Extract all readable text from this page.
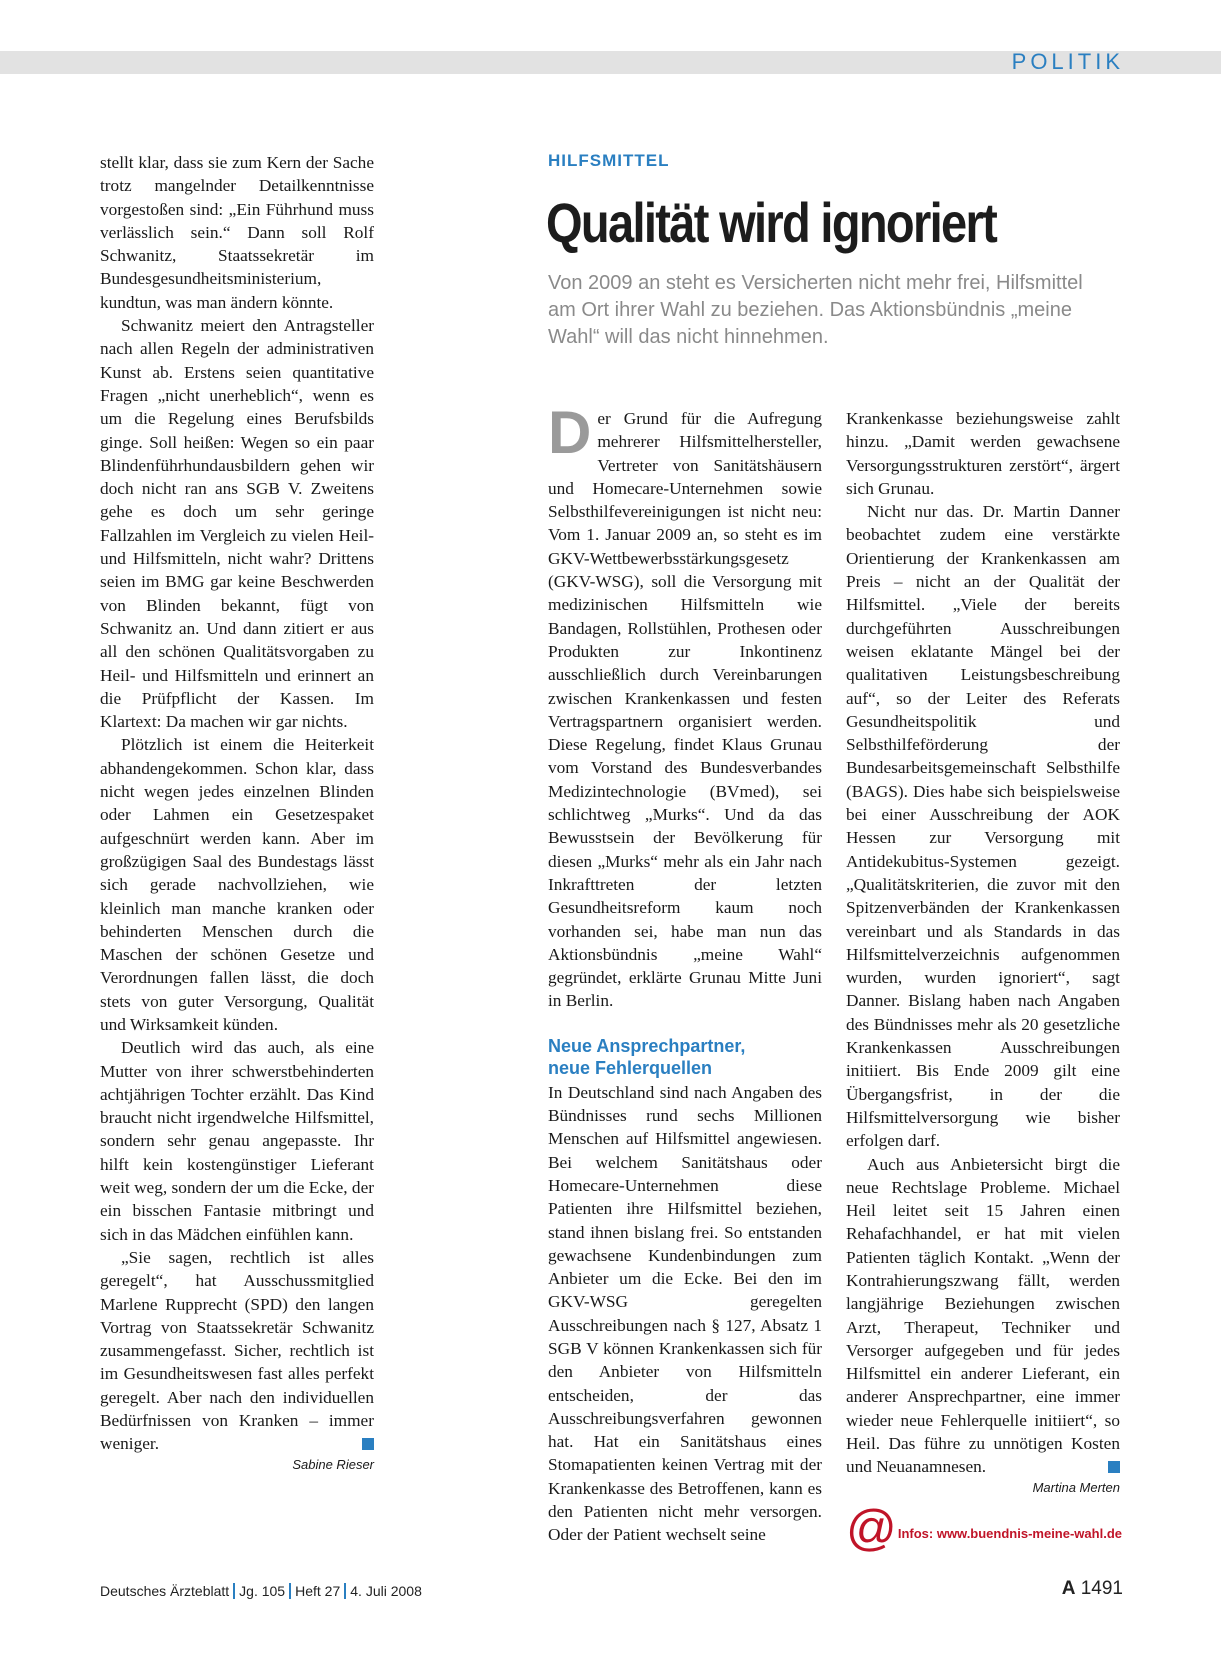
POLITIK

stellt klar, dass sie zum Kern der Sache trotz mangelnder Detailkenntnisse vorgestoßen sind: „Ein Führhund muss verlässlich sein.“ Dann soll Rolf Schwanitz, Staatssekretär im Bundesgesundheitsministerium, kundtun, was man ändern könnte.

Schwanitz meiert den Antragsteller nach allen Regeln der administrativen Kunst ab. Erstens seien quantitative Fragen „nicht unerheblich“, wenn es um die Regelung eines Berufsbilds ginge. Soll heißen: Wegen so ein paar Blindenführhundausbildern gehen wir doch nicht ran ans SGB V. Zweitens gehe es doch um sehr geringe Fallzahlen im Vergleich zu vielen Heil- und Hilfsmitteln, nicht wahr? Drittens seien im BMG gar keine Beschwerden von Blinden bekannt, fügt von Schwanitz an. Und dann zitiert er aus all den schönen Qualitätsvorgaben zu Heil- und Hilfsmitteln und erinnert an die Prüfpflicht der Kassen. Im Klartext: Da machen wir gar nichts.

Plötzlich ist einem die Heiterkeit abhandengekommen. Schon klar, dass nicht wegen jedes einzelnen Blinden oder Lahmen ein Gesetzespaket aufgeschnürt werden kann. Aber im großzügigen Saal des Bundestags lässt sich gerade nachvollziehen, wie kleinlich man manche kranken oder behinderten Menschen durch die Maschen der schönen Gesetze und Verordnungen fallen lässt, die doch stets von guter Versorgung, Qualität und Wirksamkeit künden.

Deutlich wird das auch, als eine Mutter von ihrer schwerstbehinderten achtjährigen Tochter erzählt. Das Kind braucht nicht irgendwelche Hilfsmittel, sondern sehr genau angepasste. Ihr hilft kein kostengünstiger Lieferant weit weg, sondern der um die Ecke, der ein bisschen Fantasie mitbringt und sich in das Mädchen einfühlen kann.

„Sie sagen, rechtlich ist alles geregelt“, hat Ausschussmitglied Marlene Rupprecht (SPD) den langen Vortrag von Staatssekretär Schwanitz zusammengefasst. Sicher, rechtlich ist im Gesundheitswesen fast alles perfekt geregelt. Aber nach den individuellen Bedürfnissen von Kranken – immer weniger.

Sabine Rieser

HILFSMITTEL
Qualität wird ignoriert
Von 2009 an steht es Versicherten nicht mehr frei, Hilfsmittel am Ort ihrer Wahl zu beziehen. Das Aktionsbündnis „meine Wahl“ will das nicht hinnehmen.

Der Grund für die Aufregung mehrerer Hilfsmittelhersteller, Vertreter von Sanitätshäusern und Homecare-Unternehmen sowie Selbsthilfevereinigungen ist nicht neu: Vom 1. Januar 2009 an, so steht es im GKV-Wettbewerbsstärkungsgesetz (GKV-WSG), soll die Versorgung mit medizinischen Hilfsmitteln wie Bandagen, Rollstühlen, Prothesen oder Produkten zur Inkontinenz ausschließlich durch Vereinbarungen zwischen Krankenkassen und festen Vertragspartnern organisiert werden. Diese Regelung, findet Klaus Grunau vom Vorstand des Bundesverbandes Medizintechnologie (BVmed), sei schlichtweg „Murks“. Und da das Bewusstsein der Bevölkerung für diesen „Murks“ mehr als ein Jahr nach Inkrafttreten der letzten Gesundheitsreform kaum noch vorhanden sei, habe man nun das Aktionsbündnis „meine Wahl“ gegründet, erklärte Grunau Mitte Juni in Berlin.

Neue Ansprechpartner,
neue Fehlerquellen

In Deutschland sind nach Angaben des Bündnisses rund sechs Millionen Menschen auf Hilfsmittel angewiesen. Bei welchem Sanitätshaus oder Homecare-Unternehmen diese Patienten ihre Hilfsmittel beziehen, stand ihnen bislang frei. So entstanden gewachsene Kundenbindungen zum Anbieter um die Ecke. Bei den im GKV-WSG geregelten Ausschreibungen nach § 127, Absatz 1 SGB V können Krankenkassen sich für den Anbieter von Hilfsmitteln entscheiden, der das Ausschreibungsverfahren gewonnen hat. Hat ein Sanitätshaus eines Stomapatienten keinen Vertrag mit der Krankenkasse des Betroffenen, kann es den Patienten nicht mehr versorgen. Oder der Patient wechselt seine

Krankenkasse beziehungsweise zahlt hinzu. „Damit werden gewachsene Versorgungsstrukturen zerstört“, ärgert sich Grunau.

Nicht nur das. Dr. Martin Danner beobachtet zudem eine verstärkte Orientierung der Krankenkassen am Preis – nicht an der Qualität der Hilfsmittel. „Viele der bereits durchgeführten Ausschreibungen weisen eklatante Mängel bei der qualitativen Leistungsbeschreibung auf“, so der Leiter des Referats Gesundheitspolitik und Selbsthilfeförderung der Bundesarbeitsgemeinschaft Selbsthilfe (BAGS). Dies habe sich beispielsweise bei einer Ausschreibung der AOK Hessen zur Versorgung mit Antidekubitus-Systemen gezeigt. „Qualitätskriterien, die zuvor mit den Spitzenverbänden der Krankenkassen vereinbart und als Standards in das Hilfsmittelverzeichnis aufgenommen wurden, wurden ignoriert“, sagt Danner. Bislang haben nach Angaben des Bündnisses mehr als 20 gesetzliche Krankenkassen Ausschreibungen initiiert. Bis Ende 2009 gilt eine Übergangsfrist, in der die Hilfsmittelversorgung wie bisher erfolgen darf.

Auch aus Anbietersicht birgt die neue Rechtslage Probleme. Michael Heil leitet seit 15 Jahren einen Rehafachhandel, er hat mit vielen Patienten täglich Kontakt. „Wenn der Kontrahierungszwang fällt, werden langjährige Beziehungen zwischen Arzt, Therapeut, Techniker und Versorger aufgegeben und für jedes Hilfsmittel ein anderer Lieferant, ein anderer Ansprechpartner, eine immer wieder neue Fehlerquelle initiiert“, so Heil. Das führe zu unnötigen Kosten und Neuanamnesen.

Martina Merten

@ Infos: www.buendnis-meine-wahl.de
Deutsches Ärzteblatt Jg. 105 Heft 27 4. Juli 2008	A 1491
